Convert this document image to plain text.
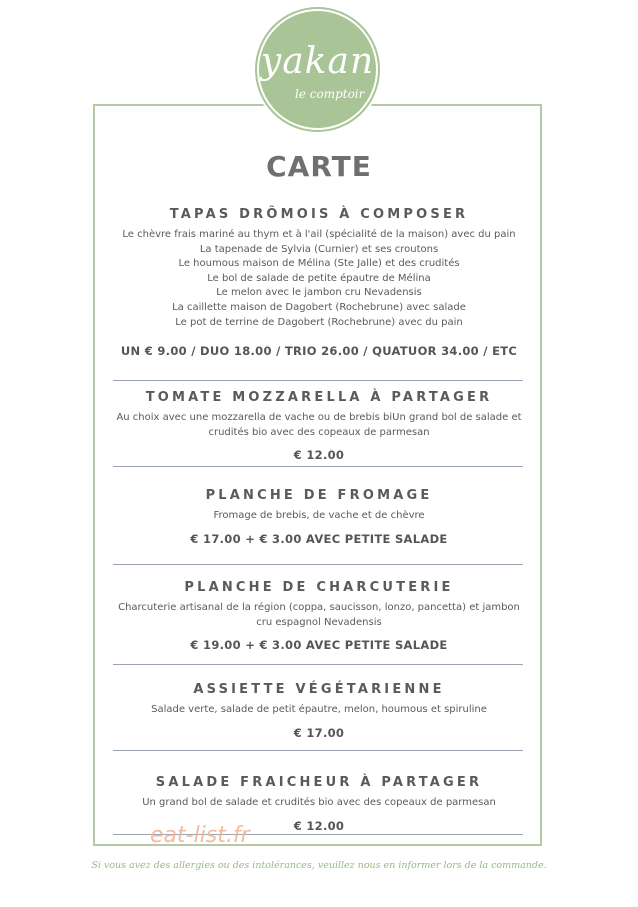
yakan
le comptoir
CARTE
TAPAS DRÔMOIS À COMPOSER
Le chèvre frais mariné au thym et à l'ail (spécialité de la maison) avec du pain
La tapenade de Sylvia (Curnier) et ses croutons
Le houmous maison de Mélina (Ste Jalle) et des crudités
Le bol de salade de petite épautre de Mélina
Le melon avec le jambon cru Nevadensis
La caillette maison de Dagobert (Rochebrune) avec salade
Le pot de terrine de Dagobert (Rochebrune) avec du pain
UN € 9.00 / DUO 18.00 / TRIO 26.00 / QUATUOR 34.00 / ETC
TOMATE MOZZARELLA À PARTAGER
Au choix avec une mozzarella de vache ou de brebis biUn grand bol de salade et
crudités bio avec des copeaux de parmesan
€ 12.00
PLANCHE DE FROMAGE
Fromage de brebis, de vache et de chèvre
€ 17.00 + € 3.00 AVEC PETITE SALADE
PLANCHE DE CHARCUTERIE
Charcuterie artisanal de la région (coppa, saucisson, lonzo, pancetta) et jambon
cru espagnol Nevadensis
€ 19.00 + € 3.00 AVEC PETITE SALADE
ASSIETTE VÉGÉTARIENNE
Salade verte, salade de petit épautre, melon, houmous et spiruline
€ 17.00
SALADE FRAICHEUR À PARTAGER
Un grand bol de salade et crudités bio avec des copeaux de parmesan
€ 12.00
eat-list.fr
Si vous avez des allergies ou des intolérances, veuillez nous en informer lors de la commande.
